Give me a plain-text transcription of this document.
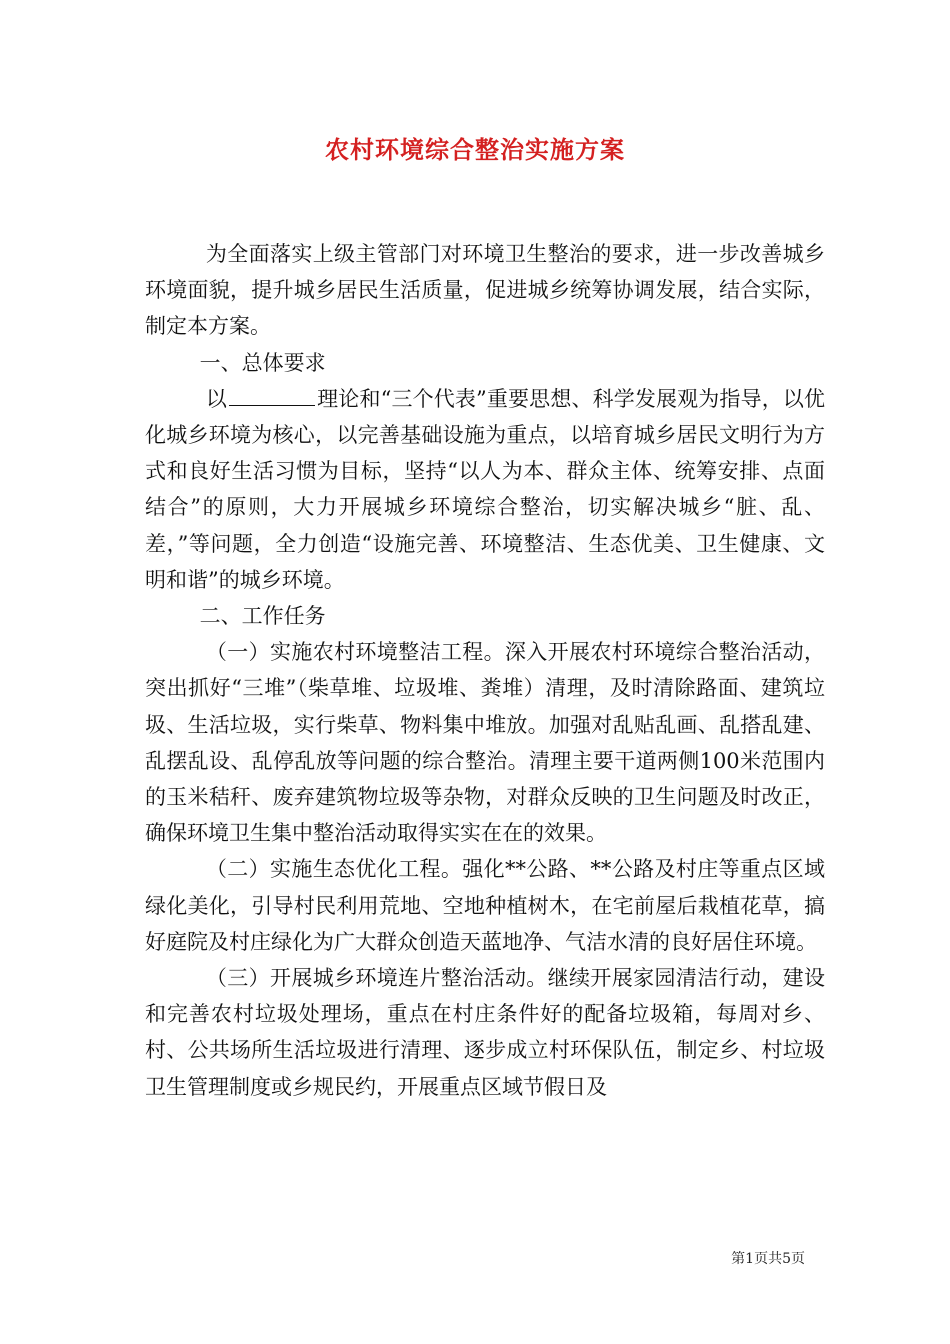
农村环境综合整治实施方案

为全面落实上级主管部门对环境卫生整治的要求，进一步改善城乡环境面貌，提升城乡居民生活质量，促进城乡统筹协调发展，结合实际，制定本方案。

一、总体要求

以	理论和“三个代表”重要思想、科学发展观为指导，以优化城乡环境为核心，以完善基础设施为重点，以培育城乡居民文明行为方式和良好生活习惯为目标，坚持“以人为本、群众主体、统筹安排、点面结合”的原则，大力开展城乡环境综合整治，切实解决城乡“脏、乱、差，”等问题，全力创造“设施完善、环境整洁、生态优美、卫生健康、文明和谐”的城乡环境。

二、工作任务

（一）实施农村环境整洁工程。深入开展农村环境综合整治活动，突出抓好“三堆”（柴草堆、垃圾堆、粪堆）清理，及时清除路面、建筑垃圾、生活垃圾，实行柴草、物料集中堆放。加强对乱贴乱画、乱搭乱建、乱摆乱设、乱停乱放等问题的综合整治。清理主要干道两侧100米范围内的玉米秸秆、废弃建筑物垃圾等杂物，对群众反映的卫生问题及时改正，确保环境卫生集中整治活动取得实实在在的效果。

（二）实施生态优化工程。强化**公路、**公路及村庄等重点区域绿化美化，引导村民利用荒地、空地种植树木，在宅前屋后栽植花草，搞好庭院及村庄绿化为广大群众创造天蓝地净、气洁水清的良好居住环境。

（三）开展城乡环境连片整治活动。继续开展家园清洁行动，建设和完善农村垃圾处理场，重点在村庄条件好的配备垃圾箱，每周对乡、村、公共场所生活垃圾进行清理、逐步成立村环保队伍，制定乡、村垃圾卫生管理制度或乡规民约，开展重点区域节假日及

第1页共5页
